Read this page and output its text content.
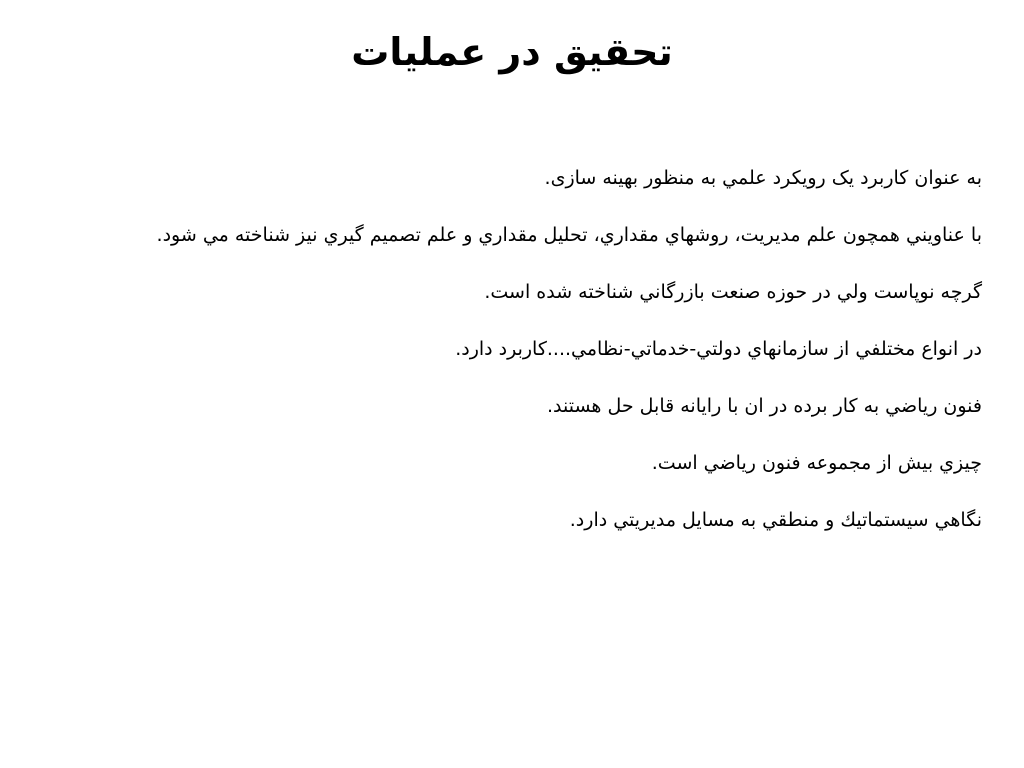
تحقيق در عمليات

به عنوان كاربرد يک رويكرد علمي به منظور بهينه سازی.

با عناويني همچون علم مديريت، روشهاي مقداري، تحليل مقداري و علم تصميم گيري نيز شناخته مي شود.

گرچه نوپاست ولي در حوزه صنعت بازرگاني شناخته شده است.

در انواع مختلفي از سازمانهاي دولتي-خدماتي-نظامي....كاربرد دارد.

فنون رياضي به كار برده در ان با رايانه قابل حل هستند.

چيزي بيش از مجموعه فنون رياضي است.

نگاهي سيستماتيك و منطقي به مسايل مديريتي دارد.
